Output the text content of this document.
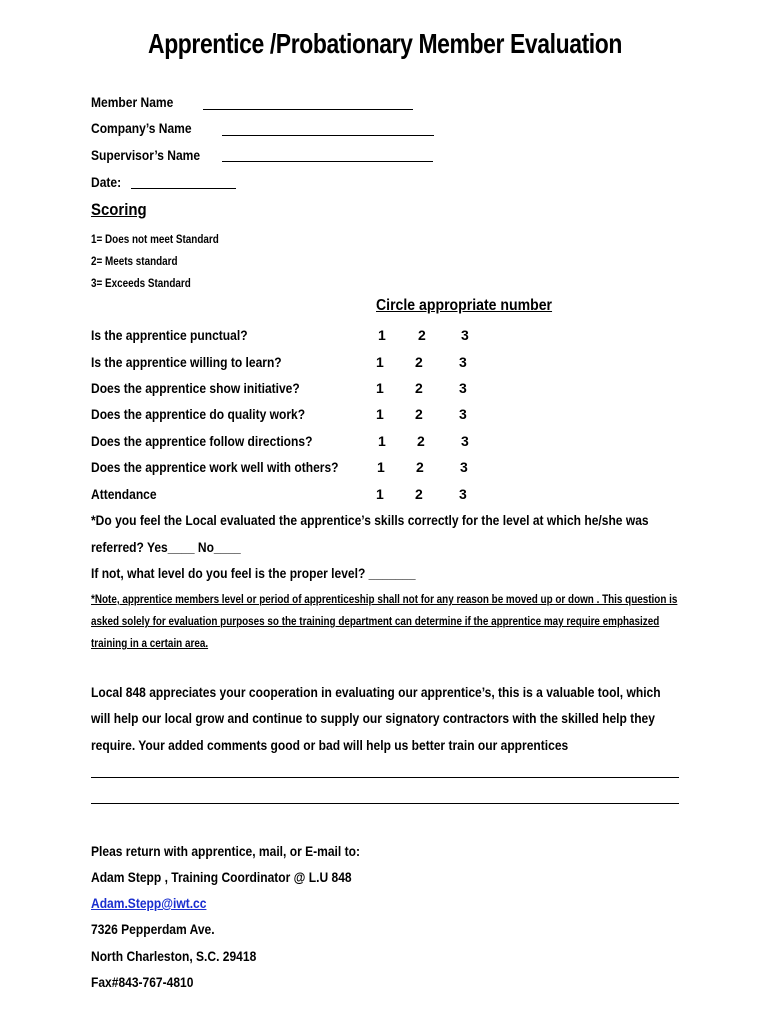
Apprentice /Probationary Member Evaluation
Member Name
Company’s Name
Supervisor’s Name
Date:
Scoring
1= Does not meet Standard
2= Meets standard
3= Exceeds Standard
Circle appropriate number
Is the apprentice punctual?	1 2	3
Is the apprentice willing to learn?	1 2	3
Does the apprentice show initiative?	1 2	3
Does the apprentice do quality work?	1 2	3
Does the apprentice follow directions?	1 2	3
Does the apprentice work well with others?	1 2	3
Attendance	1 2	3
*Do you feel the Local evaluated the apprentice’s skills correctly for the level at which he/she was
referred? Yes____ No____
If not, what level do you feel is the proper level? _______
*Note, apprentice members level or period of apprenticeship shall not for any reason be moved up or down . This question is
asked solely for evaluation purposes so the training department can determine if the apprentice may require emphasized
training in a certain area.
Local 848 appreciates your cooperation in evaluating our apprentice’s, this is a valuable tool, which
will help our local grow and continue to supply our signatory contractors with the skilled help they
require. Your added comments good or bad will help us better train our apprentices
Pleas return with apprentice, mail, or E-mail to:
Adam Stepp , Training Coordinator @ L.U 848
Adam.Stepp@iwt.cc
7326 Pepperdam Ave.
North Charleston, S.C. 29418
Fax#843-767-4810
